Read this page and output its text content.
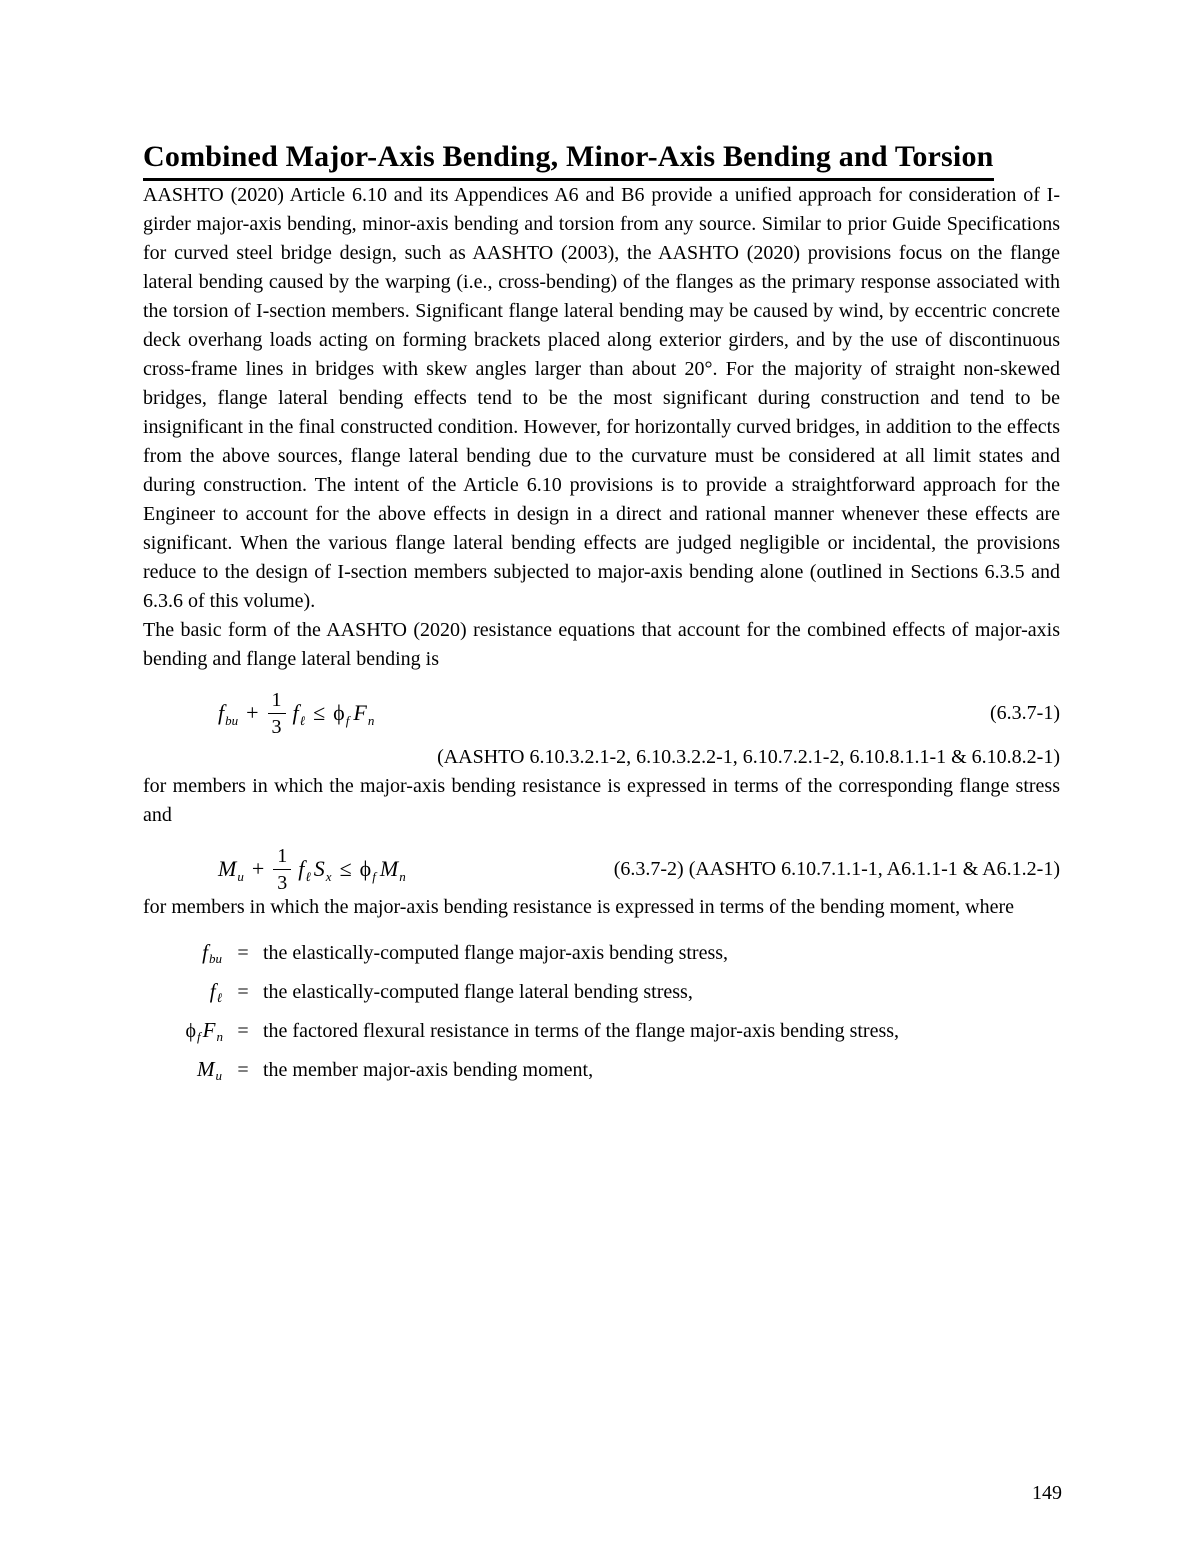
Combined Major-Axis Bending, Minor-Axis Bending and Torsion

AASHTO (2020) Article 6.10 and its Appendices A6 and B6 provide a unified approach for consideration of I-girder major-axis bending, minor-axis bending and torsion from any source. Similar to prior Guide Specifications for curved steel bridge design, such as AASHTO (2003), the AASHTO (2020) provisions focus on the flange lateral bending caused by the warping (i.e., cross-bending) of the flanges as the primary response associated with the torsion of I-section members. Significant flange lateral bending may be caused by wind, by eccentric concrete deck overhang loads acting on forming brackets placed along exterior girders, and by the use of discontinuous cross-frame lines in bridges with skew angles larger than about 20°. For the majority of straight non-skewed bridges, flange lateral bending effects tend to be the most significant during construction and tend to be insignificant in the final constructed condition. However, for horizontally curved bridges, in addition to the effects from the above sources, flange lateral bending due to the curvature must be considered at all limit states and during construction. The intent of the Article 6.10 provisions is to provide a straightforward approach for the Engineer to account for the above effects in design in a direct and rational manner whenever these effects are significant. When the various flange lateral bending effects are judged negligible or incidental, the provisions reduce to the design of I-section members subjected to major-axis bending alone (outlined in Sections 6.3.5 and 6.3.6 of this volume).

The basic form of the AASHTO (2020) resistance equations that account for the combined effects of major-axis bending and flange lateral bending is

f bu + $\frac{1}{3}$ f ℓ ≤ ϕ f F n	(6.3.7-1)
(AASHTO 6.10.3.2.1-2, 6.10.3.2.2-1, 6.10.7.2.1-2, 6.10.8.1.1-1 & 6.10.8.2-1)

for members in which the major-axis bending resistance is expressed in terms of the corresponding flange stress and

M $u + \frac{1}{3}$ f ℓ S x ≤ ϕ f M n	(6.3.7-2) (AASHTO 6.10.7.1.1-1, A6.1.1-1 & A6.1.2-1)

for members in which the major-axis bending resistance is expressed in terms of the bending moment, where

$f_{bu}$ = the elastically-computed flange major-axis bending stress,
$f_\ell$ = the elastically-computed flange lateral bending stress,
$\phi_fF_n$ = the factored flexural resistance in terms of the flange major-axis bending stress,
$M_u$ = the member major-axis bending moment,
149
